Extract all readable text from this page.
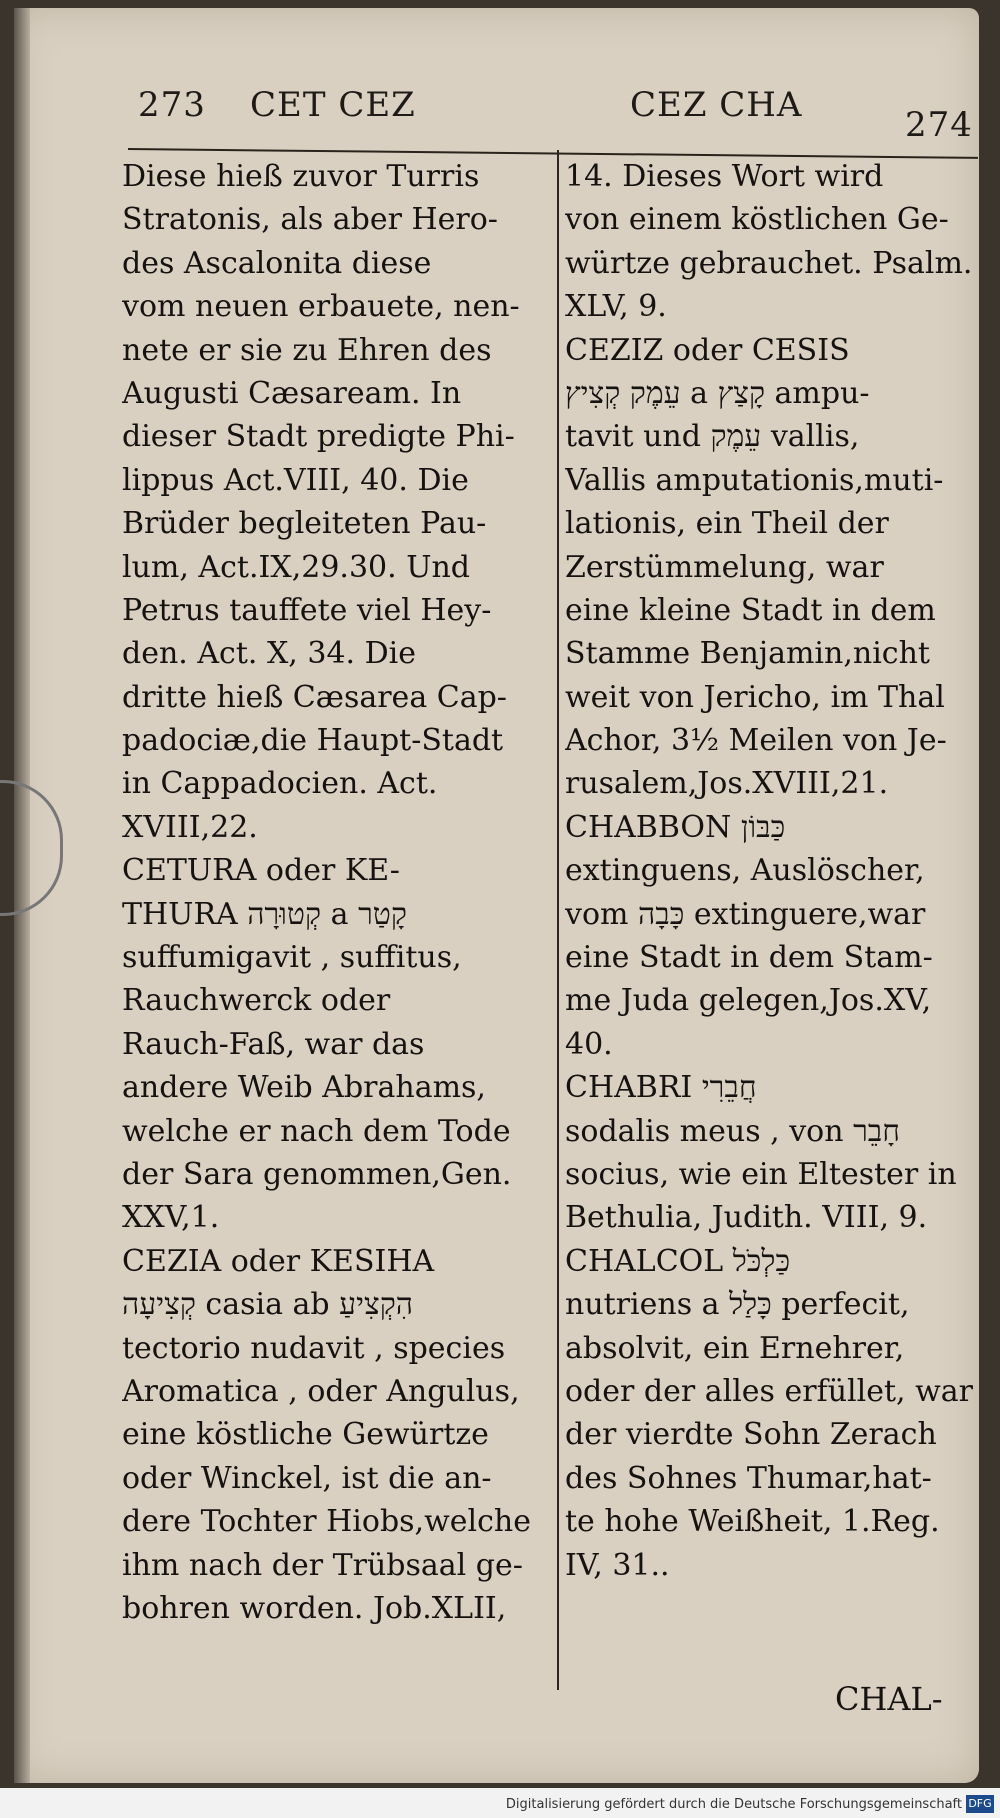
273 CET CEZ	CEZ CHA	274
Diese hieß zuvor Turris
Stratonis, als aber Hero-
des Ascalonita diese
vom neuen erbauete, nen-
nete er sie zu Ehren des
Augusti Cæsaream. In
dieser Stadt predigte Phi-
lippus Act.VIII, 40. Die
Brüder begleiteten Pau-
lum, Act.IX,29.30. Und
Petrus tauffete viel Hey-
den. Act. X, 34. Die
dritte hieß Cæsarea Cap-
padociæ,die Haupt-Stadt
in Cappadocien. Act.
XVIII,22.
CETURA oder KE-
THURA קְטוּרָה a קָטַר
suffumigavit , suffitus,
Rauchwerck oder
Rauch-Faß, war das
andere Weib Abrahams,
welche er nach dem Tode
der Sara genommen,Gen.
XXV,1.
CEZIA oder KESIHA
קְצִיעָה casia ab הִקְצִיעַ
tectorio nudavit , species
Aromatica , oder Angulus,
eine köstliche Gewürtze
oder Winckel, ist die an-
dere Tochter Hiobs,welche
ihm nach der Trübsaal ge-
bohren worden. Job.XLII,
14. Dieses Wort wird
von einem köstlichen Ge-
würtze gebrauchet. Psalm.
XLV, 9.
CEZIZ oder CESIS
עֵמֶק קְצִיץ a קָצַץ ampu-
tavit und עֵמֶק vallis,
Vallis amputationis,muti-
lationis, ein Theil der
Zerstümmelung, war
eine kleine Stadt in dem
Stamme Benjamin,nicht
weit von Jericho, im Thal
Achor, 3½ Meilen von Je-
rusalem,Jos.XVIII,21.
CHABBON כַּבּוֹן
extinguens, Auslöscher,
vom כָּבָה extinguere,war
eine Stadt in dem Stam-
me Juda gelegen,Jos.XV,
40.
CHABRI חֲבֵרִי
sodalis meus , von חָבֵר
socius, wie ein Eltester in
Bethulia, Judith. VIII, 9.
CHALCOL כַּלְכֹּל
nutriens a כָּלַל perfecit,
absolvit, ein Ernehrer,
oder der alles erfüllet, war
der vierdte Sohn Zerach
des Sohnes Thumar,hat-
te hohe Weißheit, 1.Reg.
IV, 31..
CHAL-
Digitalisierung gefördert durch die Deutsche Forschungsgemeinschaft DFG
